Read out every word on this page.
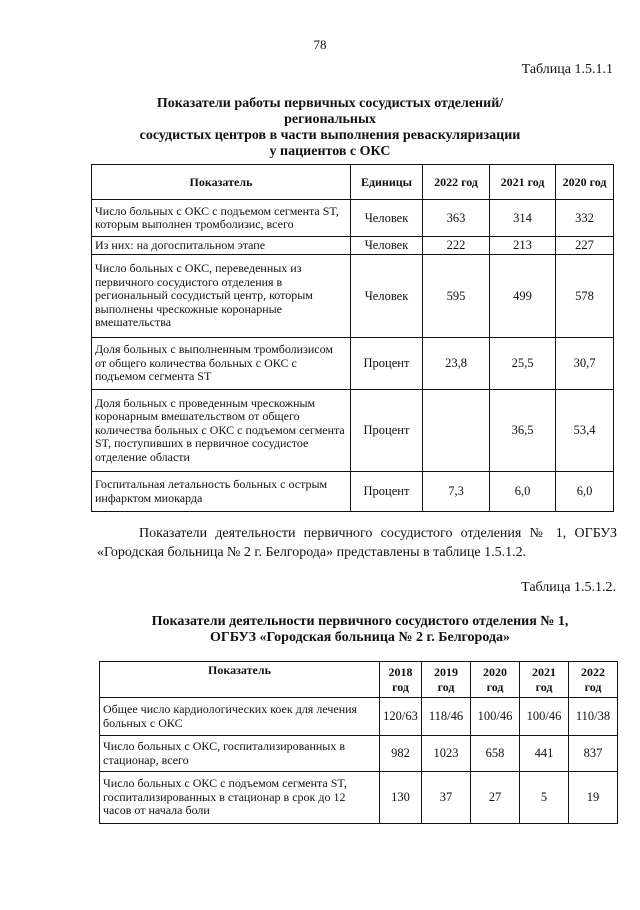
78
Таблица 1.5.1.1
Показатели работы первичных сосудистых отделений/региональных
сосудистых центров в части выполнения реваскуляризации
у пациентов с ОКС
Показатель	Единицы	2022 год	2021 год	2020 год
Число больных с ОКС с подъемом сегмента ST, которым выполнен тромболизис, всего	Человек	363	314	332
Из них: на догоспитальном этапе	Человек	222	213	227
Число больных с ОКС, переведенных из первичного сосудистого отделения в региональный сосудистый центр, которым выполнены чрескожные коронарные вмешательства	Человек	595	499	578
Доля больных с выполненным тромболизисом от общего количества больных с ОКС с подъемом сегмента ST	Процент	23,8	25,5	30,7
Доля больных с проведенным чрескожным коронарным вмешательством от общего количества больных с ОКС с подъемом сегмента ST, поступивших в первичное сосудистое отделение области	Процент		36,5	53,4
Госпитальная летальность больных с острым инфарктом миокарда	Процент	7,3	6,0	6,0
Показатели деятельности первичного сосудистого отделения № 1, ОГБУЗ «Городская больница № 2 г. Белгорода» представлены в таблице 1.5.1.2.
Таблица 1.5.1.2.
Показатели деятельности первичного сосудистого отделения № 1,
ОГБУЗ «Городская больница № 2 г. Белгорода»
Показатель	2018 год	2019 год	2020 год	2021 год	2022 год
Общее число кардиологических коек для лечения больных с ОКС	120/63	118/46	100/46	100/46	110/38
Число больных с ОКС, госпитализированных в стационар, всего	982	1023	658	441	837
Число больных с ОКС с подъемом сегмента ST, госпитализированных в стационар в срок до 12 часов от начала боли	130	37	27	5	19
